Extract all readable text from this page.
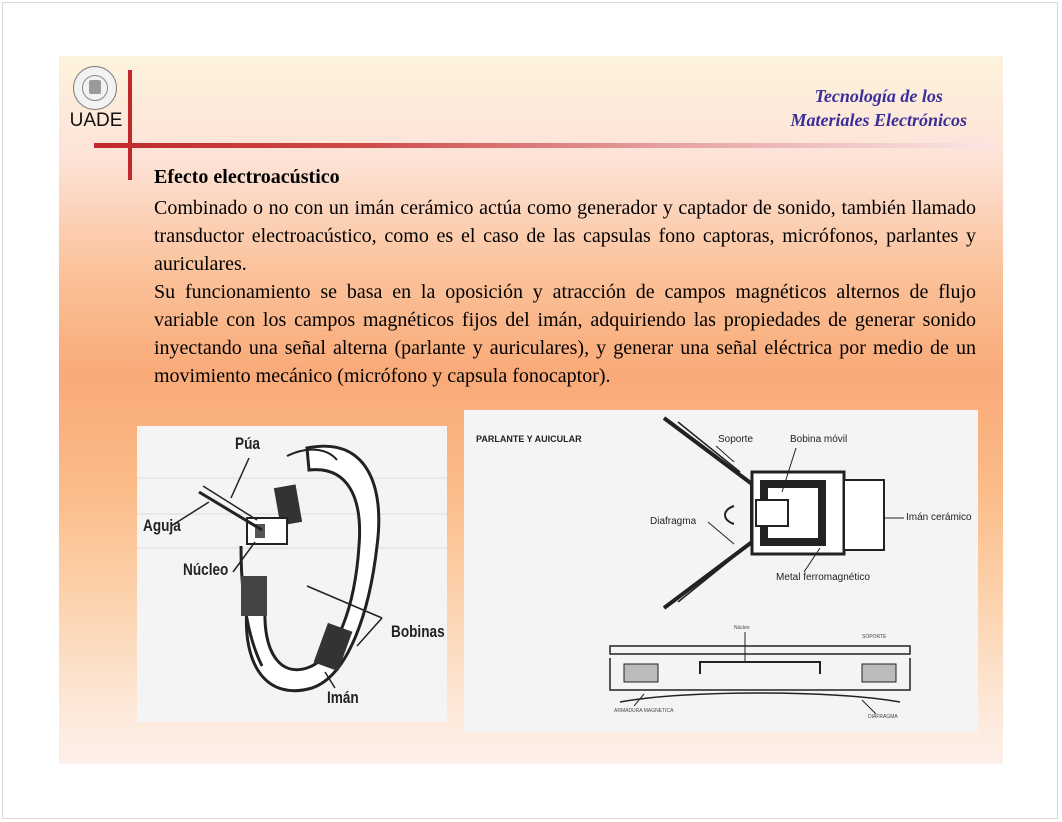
UADE
Tecnología de los
Materiales Electrónicos
Efecto electroacústico

Combinado o no con un imán cerámico actúa como generador y captador de sonido, también llamado transductor electroacústico, como es el caso de las capsulas fono captoras, micrófonos, parlantes y auriculares.

Su funcionamiento se basa en la oposición y atracción de campos magnéticos alternos de flujo variable con los campos magnéticos fijos del imán, adquiriendo las propiedades de generar sonido inyectando una señal alterna (parlante y auriculares), y generar una señal eléctrica por medio de un movimiento mecánico (micrófono y capsula fonocaptor).

Púa
Aguja
Núcleo
Bobinas
Imán
PARLANTE Y AUICULAR	Soporte	Bobina móvil
Diafragma	Imán cerámico
Metal ferromagnético
Núcleo
SOPORTE
ARMADURA MAGNETICA
DIAFRAGMA
